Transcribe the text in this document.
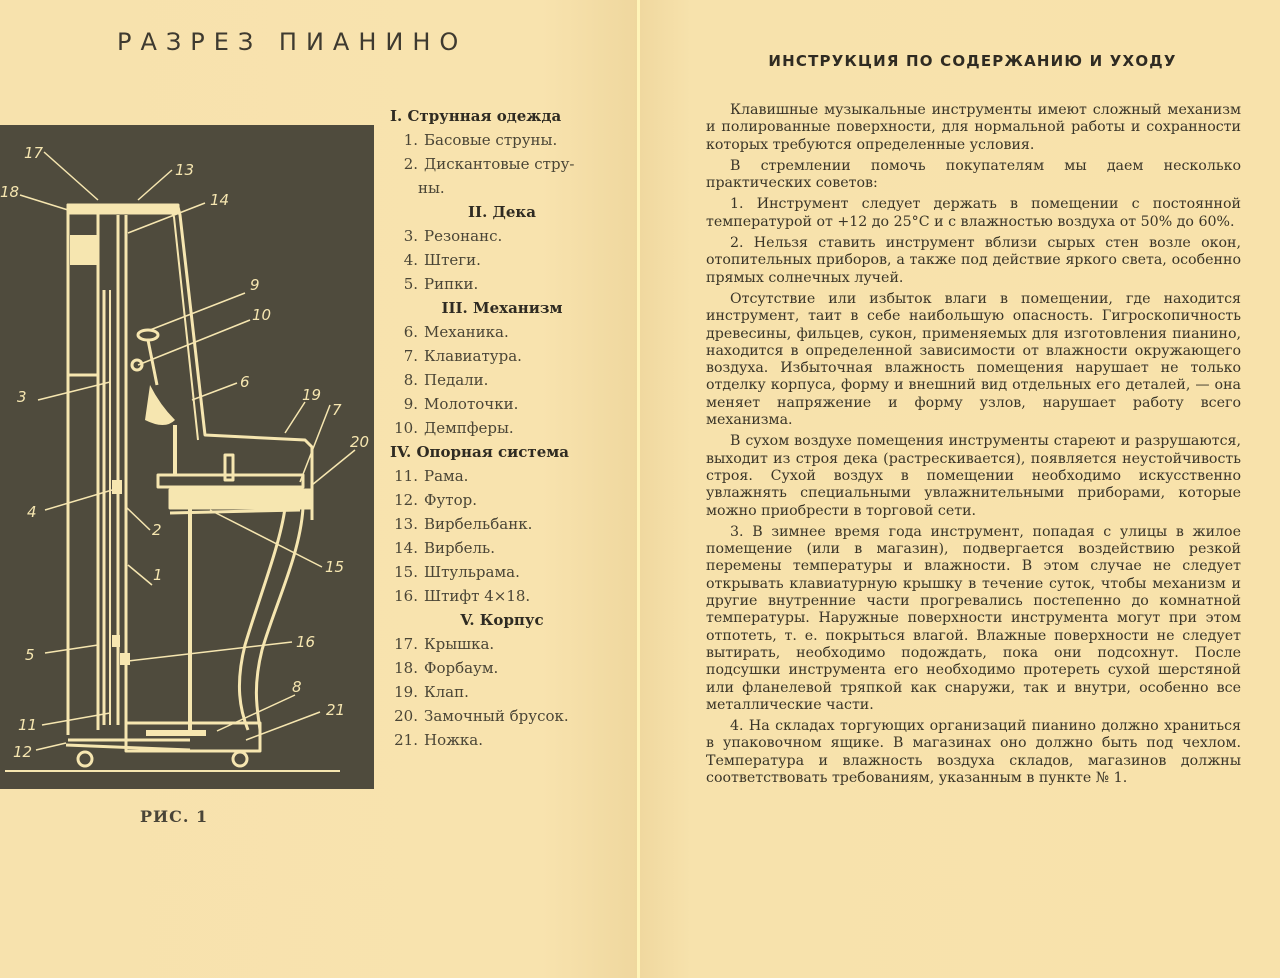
РАЗРЕЗ ПИАНИНО
17
18
13
14
9
10
3
6
19
7
20
4
2
1	15
5
16
11
12
8
21
РИС. 1
I. Струнная одежда
1. Басовые струны.
2. Дискантовые стру-
ны.
II. Дека
3. Резонанс.
4. Штеги.
5. Рипки.
III. Механизм
6. Механика.
7. Клавиатура.
8. Педали.
9. Молоточки.
10. Демпферы.
IV. Опорная система
11. Рама.
12. Футор.
13. Вирбельбанк.
14. Вирбель.
15. Штульрама.
16. Штифт 4×18.
V. Корпус
17. Крышка.
18. Форбаум.
19. Клап.
20. Замочный брусок.
21. Ножка.
ИНСТРУКЦИЯ ПО СОДЕРЖАНИЮ И УХОДУ

Клавишные музыкальные инструменты имеют сложный механизм и полированные поверхности, для нормальной работы и сохранности которых требуются определенные условия.

В стремлении помочь покупателям мы даем несколько практических советов:

1. Инструмент следует держать в помещении с постоянной температурой от +12 до 25°С и с влажностью воздуха от 50% до 60%.

2. Нельзя ставить инструмент вблизи сырых стен возле окон, отопительных приборов, а также под действие яркого света, особенно прямых солнечных лучей.

Отсутствие или избыток влаги в помещении, где находится инструмент, таит в себе наибольшую опасность. Гигроскопичность древесины, фильцев, сукон, применяемых для изготовления пианино, находится в определенной зависимости от влажности окружающего воздуха. Избыточная влажность помещения нарушает не только отделку корпуса, форму и внешний вид отдельных его деталей, — она меняет напряжение и форму узлов, нарушает работу всего механизма.

В сухом воздухе помещения инструменты стареют и разрушаются, выходит из строя дека (растрескивается), появляется неустойчивость строя. Сухой воздух в помещении необходимо искусственно увлажнять специальными увлажнительными приборами, которые можно приобрести в торговой сети.

3. В зимнее время года инструмент, попадая с улицы в жилое помещение (или в магазин), подвергается воздействию резкой перемены температуры и влажности. В этом случае не следует открывать клавиатурную крышку в течение суток, чтобы механизм и другие внутренние части прогревались постепенно до комнатной температуры. Наружные поверхности инструмента могут при этом отпотеть, т. е. покрыться влагой. Влажные поверхности не следует вытирать, необходимо подождать, пока они подсохнут. После подсушки инструмента его необходимо протереть сухой шерстяной или фланелевой тряпкой как снаружи, так и внутри, особенно все металлические части.

4. На складах торгующих организаций пианино должно храниться в упаковочном ящике. В магазинах оно должно быть под чехлом. Температура и влажность воздуха складов, магазинов должны соответствовать требованиям, указанным в пункте № 1.
